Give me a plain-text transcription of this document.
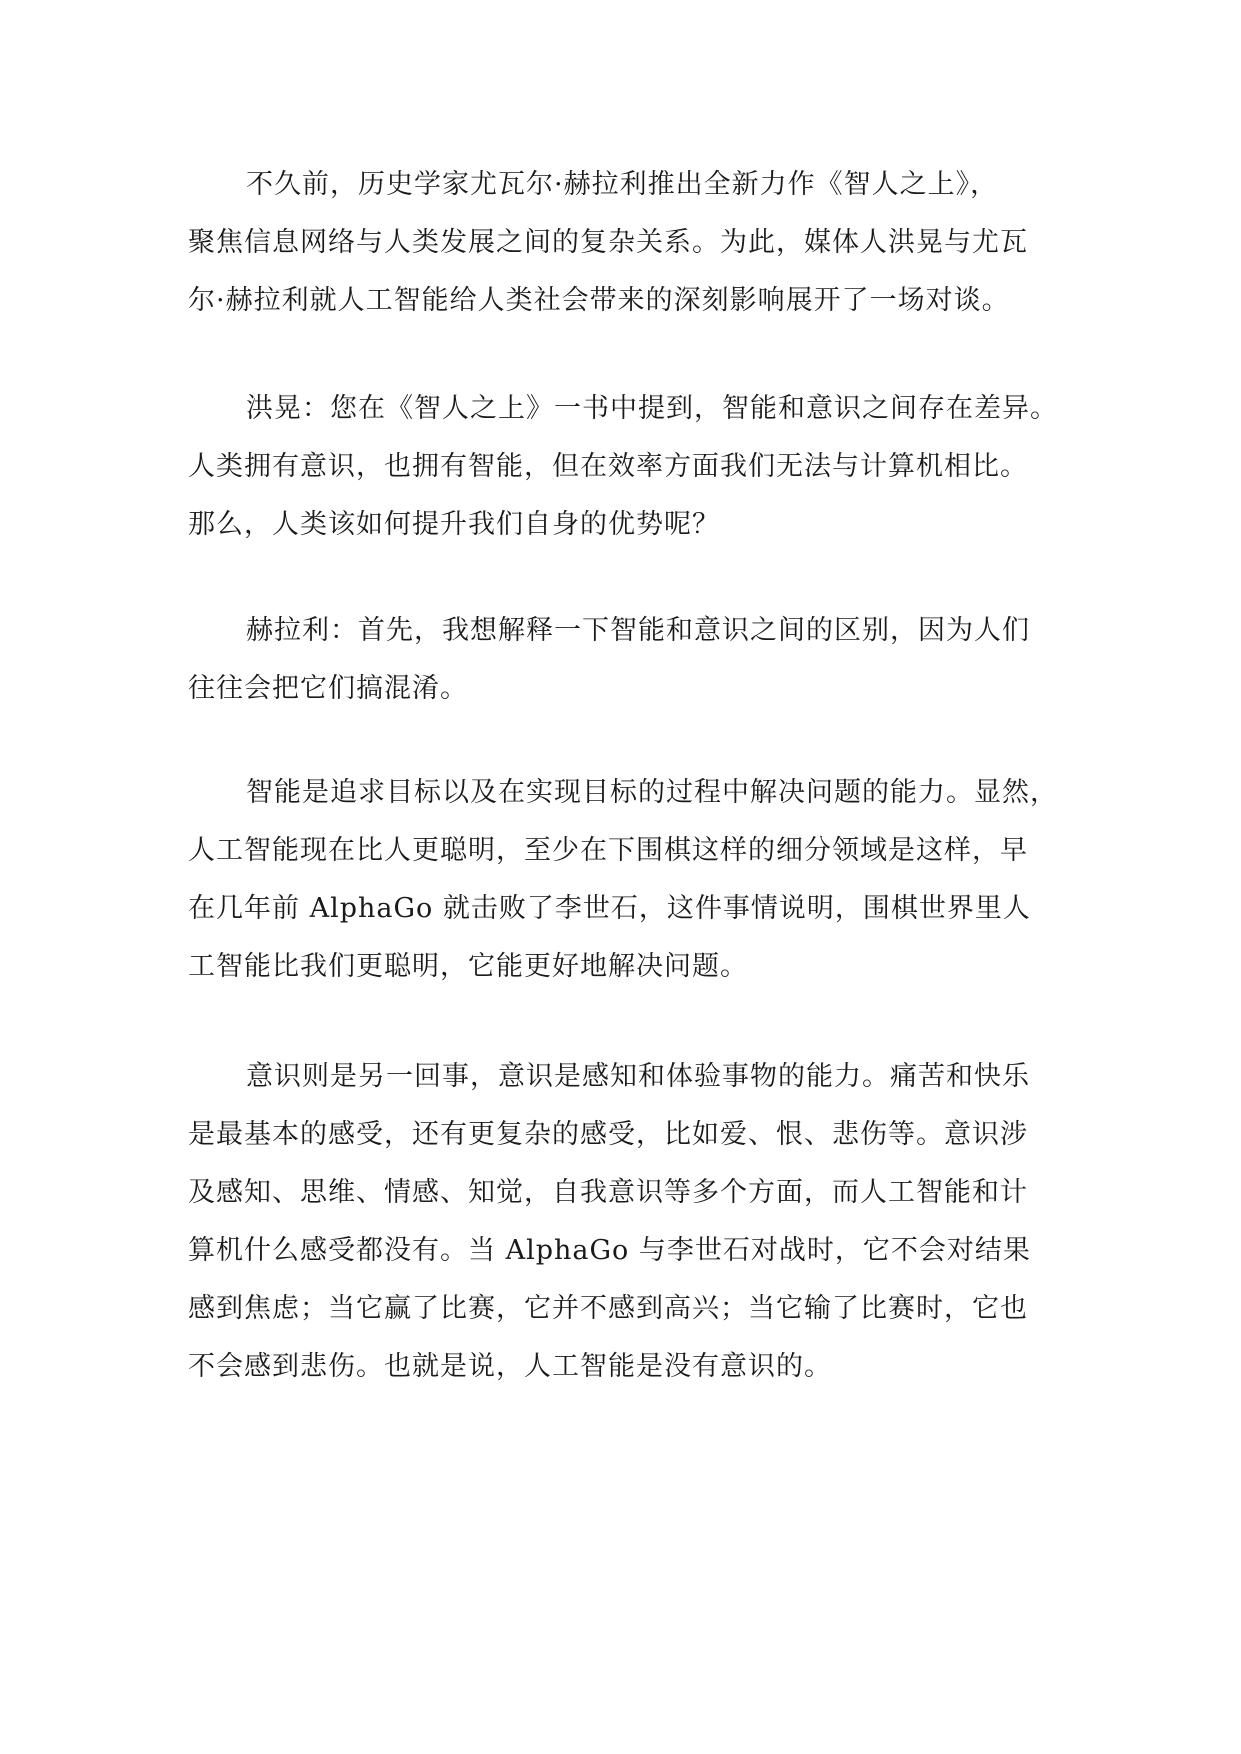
不久前，历史学家尤瓦尔·赫拉利推出全新力作《智人之上》，
聚焦信息网络与人类发展之间的复杂关系。为此，媒体人洪晃与尤瓦
尔·赫拉利就人工智能给人类社会带来的深刻影响展开了一场对谈。
洪晃：您在《智人之上》一书中提到，智能和意识之间存在差异。
人类拥有意识，也拥有智能，但在效率方面我们无法与计算机相比。
那么，人类该如何提升我们自身的优势呢？
赫拉利：首先，我想解释一下智能和意识之间的区别，因为人们
往往会把它们搞混淆。
智能是追求目标以及在实现目标的过程中解决问题的能力。显然，
人工智能现在比人更聪明，至少在下围棋这样的细分领域是这样，早
在几年前 AlphaGo 就击败了李世石，这件事情说明，围棋世界里人
工智能比我们更聪明，它能更好地解决问题。
意识则是另一回事，意识是感知和体验事物的能力。痛苦和快乐
是最基本的感受，还有更复杂的感受，比如爱、恨、悲伤等。意识涉
及感知、思维、情感、知觉，自我意识等多个方面，而人工智能和计
算机什么感受都没有。当 AlphaGo 与李世石对战时，它不会对结果
感到焦虑；当它赢了比赛，它并不感到高兴；当它输了比赛时，它也
不会感到悲伤。也就是说，人工智能是没有意识的。
